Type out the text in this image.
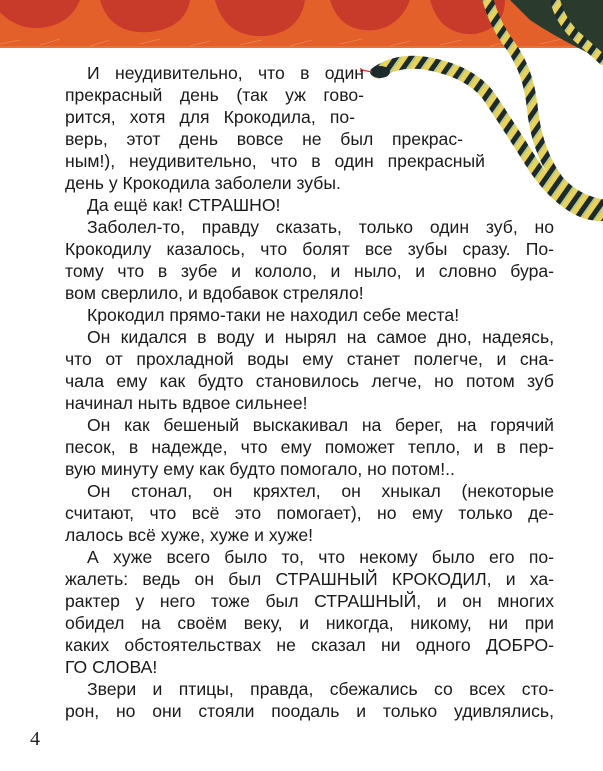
И неудивительно, что в один
прекрасный день (так уж гово-
рится, хотя для Крокодила, по-
верь, этот день вовсе не был прекрас-
ным!), неудивительно, что в один прекрасный
день у Крокодила заболели зубы.
Да ещё как! СТРАШНО!
Заболел-то, правду сказать, только один зуб, но
Крокодилу казалось, что болят все зубы сразу. По-
тому что в зубе и кололо, и ныло, и словно бура-
вом сверлило, и вдобавок стреляло!
Крокодил прямо-таки не находил себе места!
Он кидался в воду и нырял на самое дно, надеясь,
что от прохладной воды ему станет полегче, и сна-
чала ему как будто становилось легче, но потом зуб
начинал ныть вдвое сильнее!
Он как бешеный выскакивал на берег, на горячий
песок, в надежде, что ему поможет тепло, и в пер-
вую минуту ему как будто помогало, но потом!..
Он стонал, он кряхтел, он хныкал (некоторые
считают, что всё это помогает), но ему только де-
лалось всё хуже, хуже и хуже!
А хуже всего было то, что некому было его по-
жалеть: ведь он был СТРАШНЫЙ КРОКОДИЛ, и ха-
рактер у него тоже был СТРАШНЫЙ, и он многих
обидел на своём веку, и никогда, никому, ни при
каких обстоятельствах не сказал ни одного ДОБРО-
ГО СЛОВА!
Звери и птицы, правда, сбежались со всех сто-
рон, но они стояли поодаль и только удивлялись,
4
